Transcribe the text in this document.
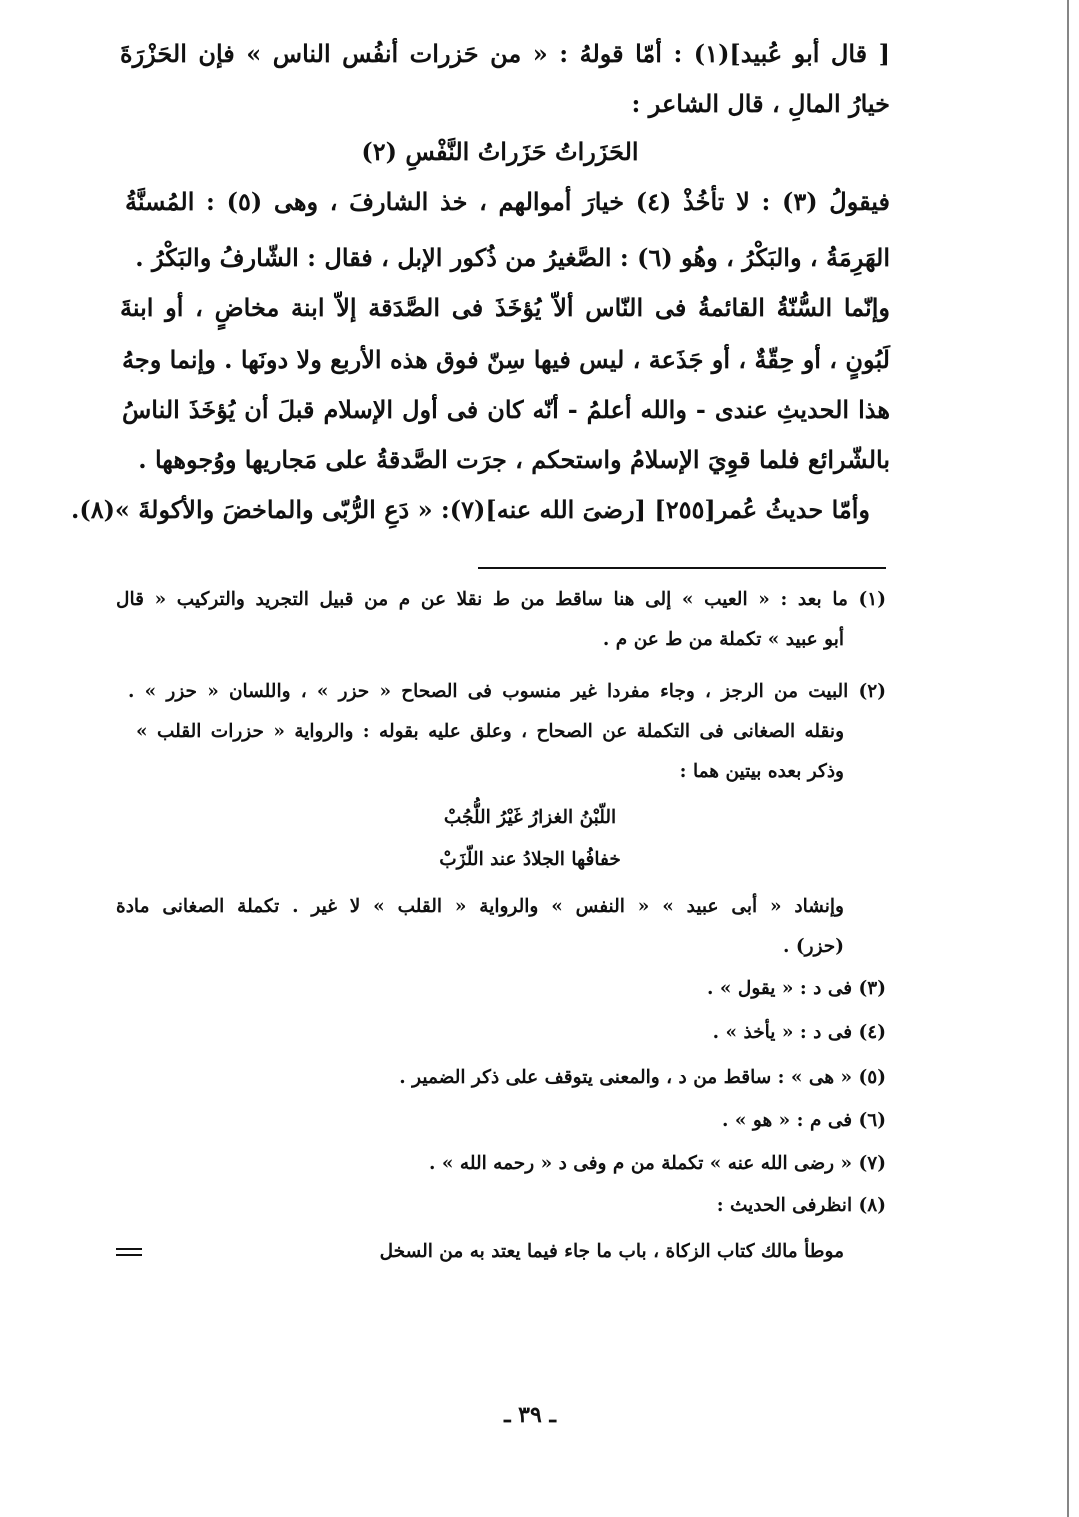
[ قال أبو عُبيد](١) : أمّا قولهُ : « من حَزرات أنفُس الناس » فإن الحَزْرَةَ
خيارُ المالِ ، قال الشاعر :
الحَزَراتُ حَزَراتُ النَّفْسِ (٢)
فيقولُ (٣) : لا تأخُذْ (٤) خيارَ أموالهم ، خذ الشارفَ ، وهى (٥) : المُسنَّةُ
الهَرِمَةُ ، والبَكْرُ ، وهُو (٦) : الصَّغيرُ من ذُكور الإبل ، فقال : الشّارفُ والبَكْرُ .
وإنّما السُّنّةُ القائمةُ فى النّاس ألاّ يُؤخَذَ فى الصَّدَقة إلاّ ابنة مخاضٍ ، أو ابنةَ
لَبُونٍ ، أو حِقّةٌ ، أو جَذَعة ، ليس فيها سِنّ فوق هذه الأربع ولا دونَها . وإنما وجهُ
هذا الحديثِ عندى - والله أعلمُ - أنّه كان فى أول الإسلام قبلَ أن يُؤخَذَ الناسُ
بالشّرائع فلما قوِيَ الإسلامُ واستحكم ، جرَت الصَّدقةُ على مَجاريها ووُجوهها .
وأمّا حديثُ عُمر[٢٥٥] [رضىَ الله عنه](٧): « دَعِ الرُّبّى والماخضَ والأكولةَ »(٨).
(١) ما بعد : « العيب » إلى هنا ساقط من ط نقلا عن م من قبيل التجريد والتركيب « قال
أبو عبيد » تكملة من ط عن م .
(٢) البيت من الرجز ، وجاء مفردا غير منسوب فى الصحاح « حزر » ، واللسان « حزر » .
ونقله الصغانى فى التكملة عن الصحاح ، وعلق عليه بقوله : والرواية « حزرات القلب »
وذكر بعده بيتين هما :
اللّبْنُ الغزارُ غَيْرُ اللُّجُبْ
خفافُها الجلادُ عند اللّزَبْ
وإنشاد « أبى عبيد » « النفس » والرواية « القلب » لا غير . تكملة الصغانى مادة
(حزر) .
(٣) فى د : « يقول » .
(٤) فى د : « يأخذ » .
(٥) « هى » : ساقط من د ، والمعنى يتوقف على ذكر الضمير .
(٦) فى م : « هو » .
(٧) « رضى الله عنه » تكملة من م وفى د « رحمه الله » .
(٨) انظرفى الحديث :
موطأ مالك كتاب الزكاة ، باب ما جاء فيما يعتد به من السخل
ـ ٣٩ ـ
